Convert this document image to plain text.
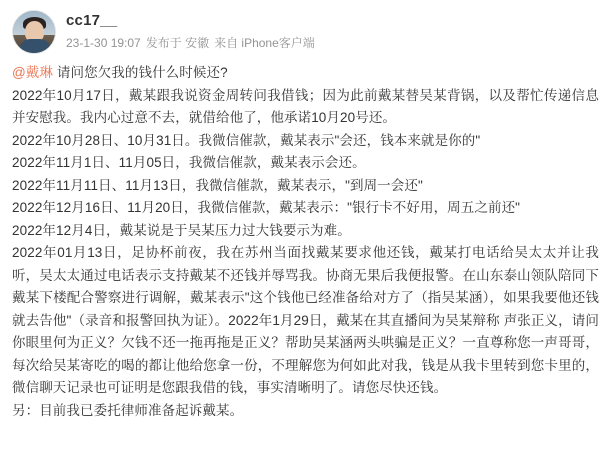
cc17__
23-1-30 19:07 发布于 安徽 来自 iPhone客户端

@戴琳 请问您欠我的钱什么时候还?

2022年10月17日，戴某跟我说资金周转问我借钱；因为此前戴某替吴某背锅，以及帮忙传递信息并安慰我。我内心过意不去，就借给他了，他承诺10月20号还。

2022年10月28日、10月31日。我微信催款，戴某表示"会还，钱本来就是你的"

2022年11月1日、11月05日，我微信催款，戴某表示会还。

2022年11月11日、11月13日，我微信催款，戴某表示，"到周一会还"

2022年12月16日、11月20日，我微信催款，戴某表示："银行卡不好用，周五之前还"

2022年12月4日，戴某说是于吴某压力过大钱要示为难。

2022年01月13日，足协杯前夜，我在苏州当面找戴某要求他还钱，戴某打电话给吴太太并让我听，吴太太通过电话表示支持戴某不还钱并辱骂我。协商无果后我便报警。在山东泰山领队陪同下戴某下楼配合警察进行调解，戴某表示"这个钱他已经准备给对方了（指吴某涵），如果我要他还钱就去告他"（录音和报警回执为证）。2022年1月29日，戴某在其直播间为吴某辩称 声张正义，请问你眼里何为正义？欠钱不还一拖再拖是正义？帮助吴某涵两头哄骗是正义？一直尊称您一声哥哥，每次给吴某寄吃的喝的都让他给您拿一份，不理解您为何如此对我，钱是从我卡里转到您卡里的，微信聊天记录也可证明是您跟我借的钱，事实清晰明了。请您尽快还钱。

另：目前我已委托律师准备起诉戴某。
